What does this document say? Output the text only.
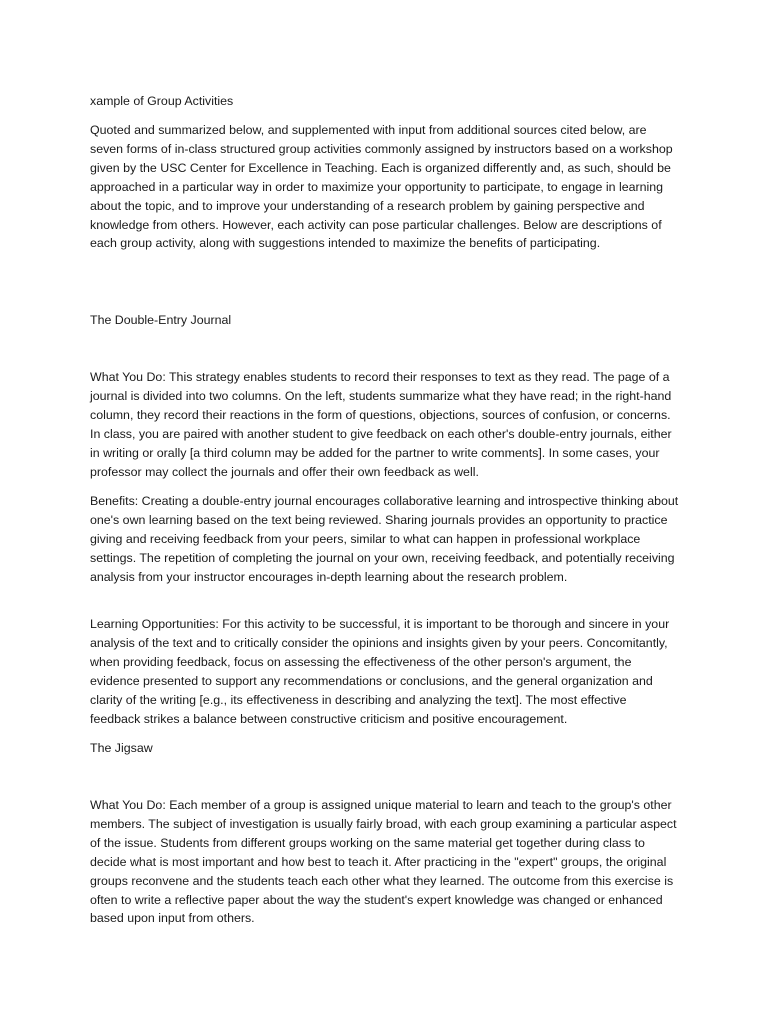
xample of Group Activities

Quoted and summarized below, and supplemented with input from additional sources cited below, are seven forms of in-class structured group activities commonly assigned by instructors based on a workshop given by the USC Center for Excellence in Teaching. Each is organized differently and, as such, should be approached in a particular way in order to maximize your opportunity to participate, to engage in learning about the topic, and to improve your understanding of a research problem by gaining perspective and knowledge from others. However, each activity can pose particular challenges. Below are descriptions of each group activity, along with suggestions intended to maximize the benefits of participating.

The Double-Entry Journal

What You Do: This strategy enables students to record their responses to text as they read. The page of a journal is divided into two columns. On the left, students summarize what they have read; in the right-hand column, they record their reactions in the form of questions, objections, sources of confusion, or concerns. In class, you are paired with another student to give feedback on each other's double-entry journals, either in writing or orally [a third column may be added for the partner to write comments]. In some cases, your professor may collect the journals and offer their own feedback as well.

Benefits: Creating a double-entry journal encourages collaborative learning and introspective thinking about one's own learning based on the text being reviewed. Sharing journals provides an opportunity to practice giving and receiving feedback from your peers, similar to what can happen in professional workplace settings. The repetition of completing the journal on your own, receiving feedback, and potentially receiving analysis from your instructor encourages in-depth learning about the research problem.

Learning Opportunities: For this activity to be successful, it is important to be thorough and sincere in your analysis of the text and to critically consider the opinions and insights given by your peers. Concomitantly, when providing feedback, focus on assessing the effectiveness of the other person's argument, the evidence presented to support any recommendations or conclusions, and the general organization and clarity of the writing [e.g., its effectiveness in describing and analyzing the text]. The most effective feedback strikes a balance between constructive criticism and positive encouragement.

The Jigsaw

What You Do: Each member of a group is assigned unique material to learn and teach to the group's other members. The subject of investigation is usually fairly broad, with each group examining a particular aspect of the issue. Students from different groups working on the same material get together during class to decide what is most important and how best to teach it. After practicing in the "expert" groups, the original groups reconvene and the students teach each other what they learned. The outcome from this exercise is often to write a reflective paper about the way the student's expert knowledge was changed or enhanced based upon input from others.
